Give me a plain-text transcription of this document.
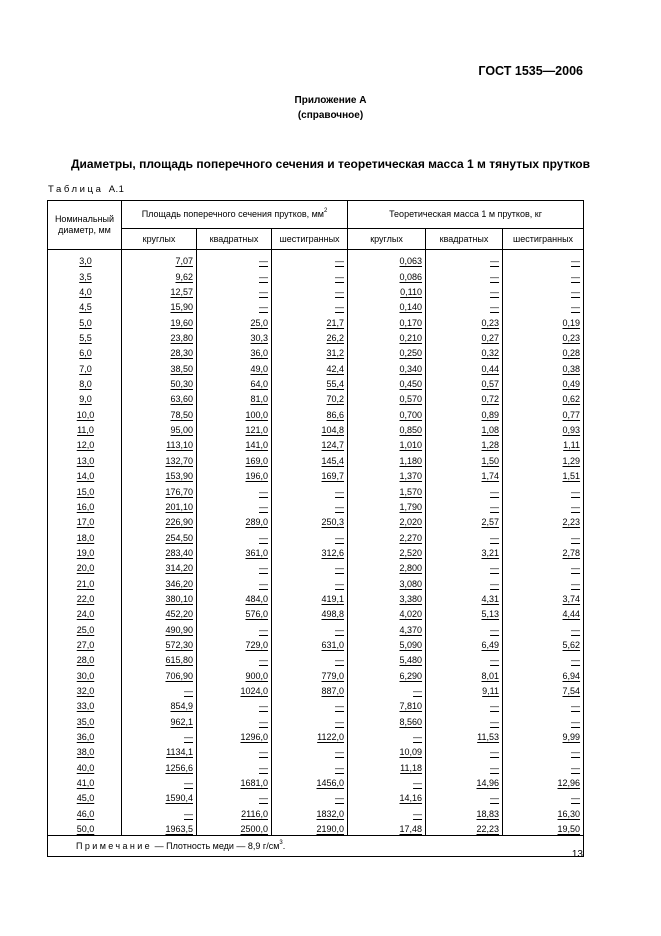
ГОСТ 1535—2006
Приложение А
(справочное)
Диаметры, площадь поперечного сечения и теоретическая масса 1 м тянутых прутков
Таблица А.1
Номинальный диаметр, мм	Площадь поперечного сечения прутков, $мм^2$			Теоретическая масса 1 м прутков, кг		
	круглых	квадратных	шестигранных	круглых	квадратных	шестигранных
3,0	7,07	—	—	0,063	—	—
3,5	9,62	—	—	0,086	—	—
4,0	12,57	—	—	0,110	—	—
4,5	15,90	—	—	0,140	—	—
5,0	19,60	25,0	21,7	0,170	0,23	0,19
5,5	23,80	30,3	26,2	0,210	0,27	0,23
6,0	28,30	36,0	31,2	0,250	0,32	0,28
7,0	38,50	49,0	42,4	0,340	0,44	0,38
8,0	50,30	64,0	55,4	0,450	0,57	0,49
9,0	63,60	81,0	70,2	0,570	0,72	0,62
10,0	78,50	100,0	86,6	0,700	0,89	0,77
11,0	95,00	121,0	104,8	0,850	1,08	0,93
12,0	113,10	141,0	124,7	1,010	1,28	1,11
13,0	132,70	169,0	145,4	1,180	1,50	1,29
14,0	153,90	196,0	169,7	1,370	1,74	1,51
15,0	176,70	—	—	1,570	—	—
16,0	201,10	—	—	1,790	—	—
17,0	226,90	289,0	250,3	2,020	2,57	2,23
18,0	254,50	—	—	2,270	—	—
19,0	283,40	361,0	312,6	2,520	3,21	2,78
20,0	314,20	—	—	2,800	—	—
21,0	346,20	—	—	3,080	—	—
22,0	380,10	484,0	419,1	3,380	4,31	3,74
24,0	452,20	576,0	498,8	4,020	5,13	4,44
25,0	490,90	—	—	4,370	—	—
27,0	572,30	729,0	631,0	5,090	6,49	5,62
28,0	615,80	—	—	5,480	—	—
30,0	706,90	900,0	779,0	6,290	8,01	6,94
32,0	—	1024,0	887,0	—	9,11	7,54
33,0	854,9	—	—	7,810	—	—
35,0	962,1	—	—	8,560	—	—
36,0	—	1296,0	1122,0	—	11,53	9,99
38,0	1134,1	—	—	10,09	—	—
40,0	1256,6	—	—	11,18	—	—
41,0	—	1681,0	1456,0	—	14,96	12,96
45,0	1590,4	—	—	14,16	—	—
46,0	—	2116,0	1832,0	—	18,83	16,30
50,0	1963,5	2500,0	2190,0	17,48	22,23	19,50
Примечание — Плотность меди — 8,9 $г/см^3$.						
13
